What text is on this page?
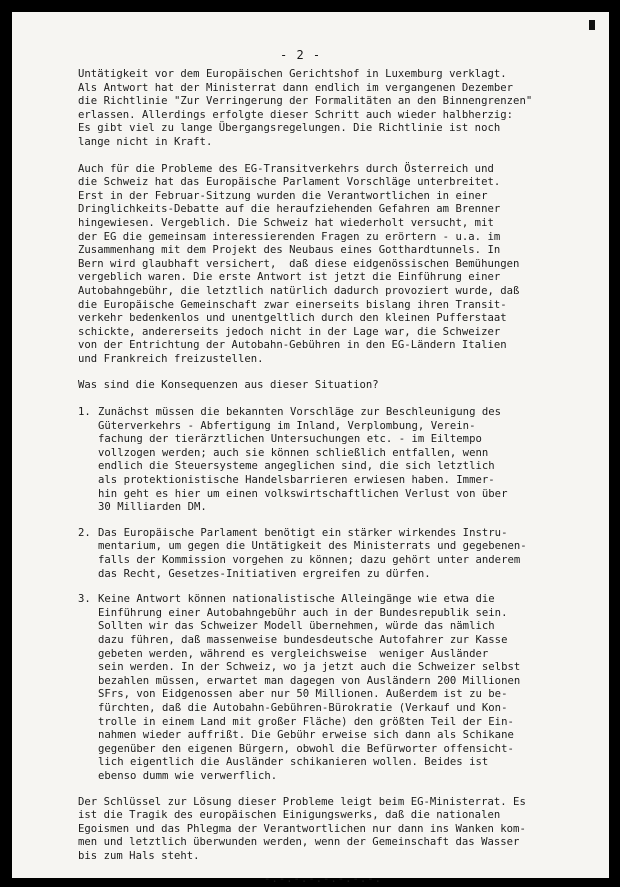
- 2 -
Untätigkeit vor dem Europäischen Gerichtshof in Luxemburg verklagt.
Als Antwort hat der Ministerrat dann endlich im vergangenen Dezember
die Richtlinie "Zur Verringerung der Formalitäten an den Binnengrenzen"
erlassen. Allerdings erfolgte dieser Schritt auch wieder halbherzig:
Es gibt viel zu lange Übergangsregelungen. Die Richtlinie ist noch
lange nicht in Kraft.
Auch für die Probleme des EG-Transitverkehrs durch Österreich und
die Schweiz hat das Europäische Parlament Vorschläge unterbreitet.
Erst in der Februar-Sitzung wurden die Verantwortlichen in einer
Dringlichkeits-Debatte auf die heraufziehenden Gefahren am Brenner
hingewiesen. Vergeblich. Die Schweiz hat wiederholt versucht, mit
der EG die gemeinsam interessierenden Fragen zu erörtern - u.a. im
Zusammenhang mit dem Projekt des Neubaus eines Gotthardtunnels. In
Bern wird glaubhaft versichert,  daß diese eidgenössischen Bemühungen
vergeblich waren. Die erste Antwort ist jetzt die Einführung einer
Autobahngebühr, die letztlich natürlich dadurch provoziert wurde, daß
die Europäische Gemeinschaft zwar einerseits bislang ihren Transit-
verkehr bedenkenlos und unentgeltlich durch den kleinen Pufferstaat
schickte, andererseits jedoch nicht in der Lage war, die Schweizer
von der Entrichtung der Autobahn-Gebühren in den EG-Ländern Italien
und Frankreich freizustellen.
Was sind die Konsequenzen aus dieser Situation?
1. Zunächst müssen die bekannten Vorschläge zur Beschleunigung des
Güterverkehrs - Abfertigung im Inland, Verplombung, Verein-
fachung der tierärztlichen Untersuchungen etc. - im Eiltempo
vollzogen werden; auch sie können schließlich entfallen, wenn
endlich die Steuersysteme angeglichen sind, die sich letztlich
als protektionistische Handelsbarrieren erwiesen haben. Immer-
hin geht es hier um einen volkswirtschaftlichen Verlust von über
30 Milliarden DM.
2. Das Europäische Parlament benötigt ein stärker wirkendes Instru-
mentarium, um gegen die Untätigkeit des Ministerrats und gegebenen-
falls der Kommission vorgehen zu können; dazu gehört unter anderem
das Recht, Gesetzes-Initiativen ergreifen zu dürfen.
3. Keine Antwort können nationalistische Alleingänge wie etwa die
Einführung einer Autobahngebühr auch in der Bundesrepublik sein.
Sollten wir das Schweizer Modell übernehmen, würde das nämlich
dazu führen, daß massenweise bundesdeutsche Autofahrer zur Kasse
gebeten werden, während es vergleichsweise  weniger Ausländer
sein werden. In der Schweiz, wo ja jetzt auch die Schweizer selbst
bezahlen müssen, erwartet man dagegen von Ausländern 200 Millionen
SFrs, von Eidgenossen aber nur 50 Millionen. Außerdem ist zu be-
fürchten, daß die Autobahn-Gebühren-Bürokratie (Verkauf und Kon-
trolle in einem Land mit großer Fläche) den größten Teil der Ein-
nahmen wieder auffrißt. Die Gebühr erweise sich dann als Schikane
gegenüber den eigenen Bürgern, obwohl die Befürworter offensicht-
lich eigentlich die Ausländer schikanieren wollen. Beides ist
ebenso dumm wie verwerflich.
Der Schlüssel zur Lösung dieser Probleme leigt beim EG-Ministerrat. Es
ist die Tragik des europäischen Einigungswerks, daß die nationalen
Egoismen und das Phlegma der Verantwortlichen nur dann ins Wanken kom-
men und letztlich überwunden werden, wenn der Gemeinschaft das Wasser
bis zum Hals steht.
-.-.-.-.-.-.-.-.
